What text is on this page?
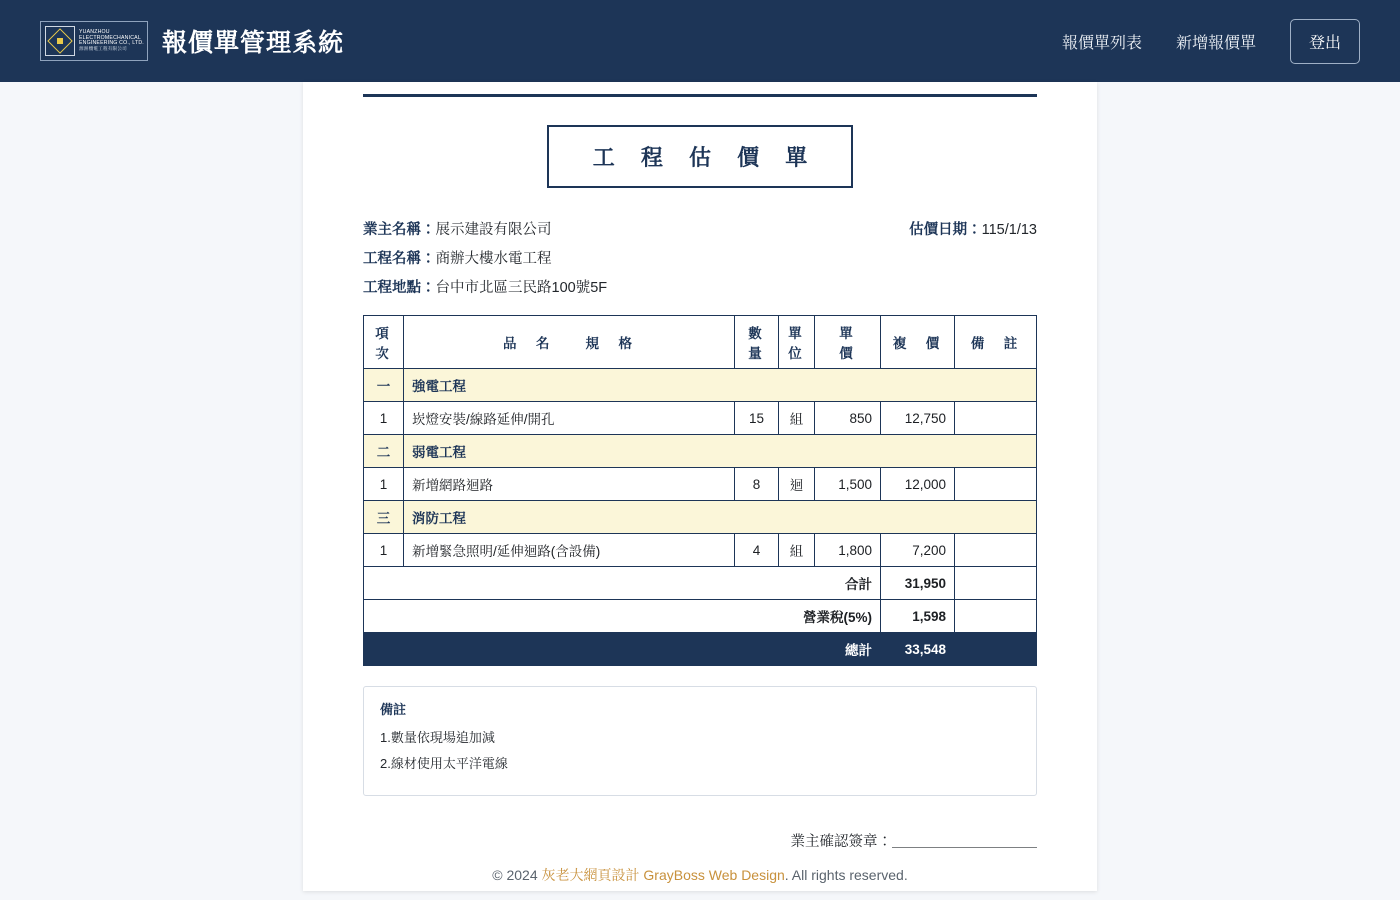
YUANZHOU
ELECTROMECHANICAL
ENGINEERING CO., LTD.
源洲機電工程有限公司	報價單管理系統	報價單列表 新增報價單	登出
工 程 估 價 單
估價日期：115/1/13
業主名稱：展示建設有限公司
工程名稱：商辦大樓水電工程
工程地點：台中市北區三民路100號5F
項次	品　名　　規　格	數量	單位	單　價	複　價	備　註
一	強電工程					
1	崁燈安裝/線路延伸/開孔	15	組	850	12,750	
二	弱電工程					
1	新增網路迴路	8	迴	1,500	12,000	
三	消防工程					
1	新增緊急照明/延伸迴路(含設備)	4	組	1,800	7,200	
合計					31,950	
營業稅(5%)					1,598	
總計					33,548	
備註
1.數量依現場追加減
2.線材使用太平洋電線
業主確認簽章：＿＿＿＿＿＿＿＿＿＿
© 2024 灰老大網頁設計 GrayBoss Web Design. All rights reserved.
